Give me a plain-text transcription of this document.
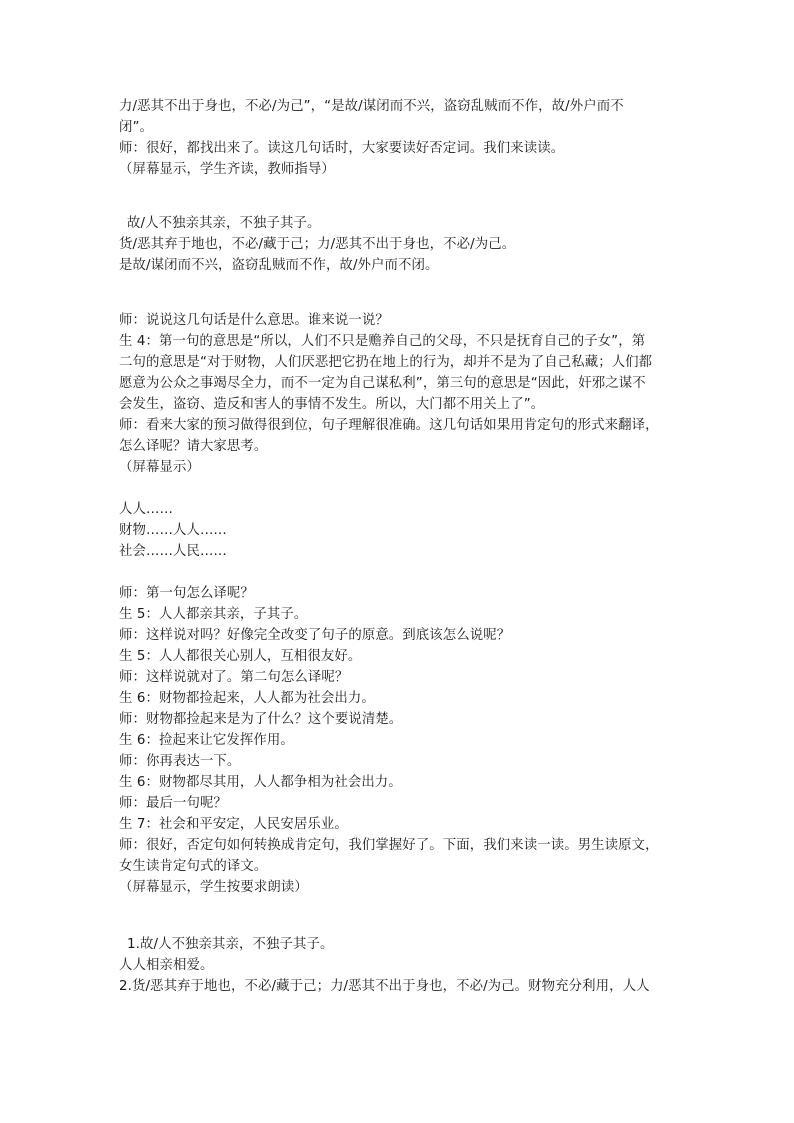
力/恶其不出于身也，不必/为己”，“是故/谋闭而不兴，盗窃乱贼而不作，故/外户而不
闭”。
师：很好，都找出来了。读这几句话时，大家要读好否定词。我们来读读。
（屏幕显示，学生齐读，教师指导）
故/人不独亲其亲，不独子其子。
货/恶其弃于地也，不必/藏于己；力/恶其不出于身也，不必/为己。
是故/谋闭而不兴，盗窃乱贼而不作，故/外户而不闭。
师：说说这几句话是什么意思。谁来说一说？
生 4：第一句的意思是“所以，人们不只是赡养自己的父母，不只是抚育自己的子女”，第
二句的意思是“对于财物，人们厌恶把它扔在地上的行为，却并不是为了自己私藏；人们都
愿意为公众之事竭尽全力，而不一定为自己谋私利”，第三句的意思是“因此，奸邪之谋不
会发生，盗窃、造反和害人的事情不发生。所以，大门都不用关上了”。
师：看来大家的预习做得很到位，句子理解很准确。这几句话如果用肯定句的形式来翻译，
怎么译呢？请大家思考。
（屏幕显示）
人人……
财物……人人……
社会……人民……
师：第一句怎么译呢？
生 5：人人都亲其亲，子其子。
师：这样说对吗？好像完全改变了句子的原意。到底该怎么说呢？
生 5：人人都很关心别人，互相很友好。
师：这样说就对了。第二句怎么译呢？
生 6：财物都捡起来，人人都为社会出力。
师：财物都捡起来是为了什么？这个要说清楚。
生 6：捡起来让它发挥作用。
师：你再表达一下。
生 6：财物都尽其用，人人都争相为社会出力。
师：最后一句呢？
生 7：社会和平安定，人民安居乐业。
师：很好，否定句如何转换成肯定句，我们掌握好了。下面，我们来读一读。男生读原文，
女生读肯定句式的译文。
（屏幕显示，学生按要求朗读）
1.故/人不独亲其亲，不独子其子。
人人相亲相爱。
2.货/恶其弃于地也，不必/藏于己；力/恶其不出于身也，不必/为己。财物充分利用，人人
